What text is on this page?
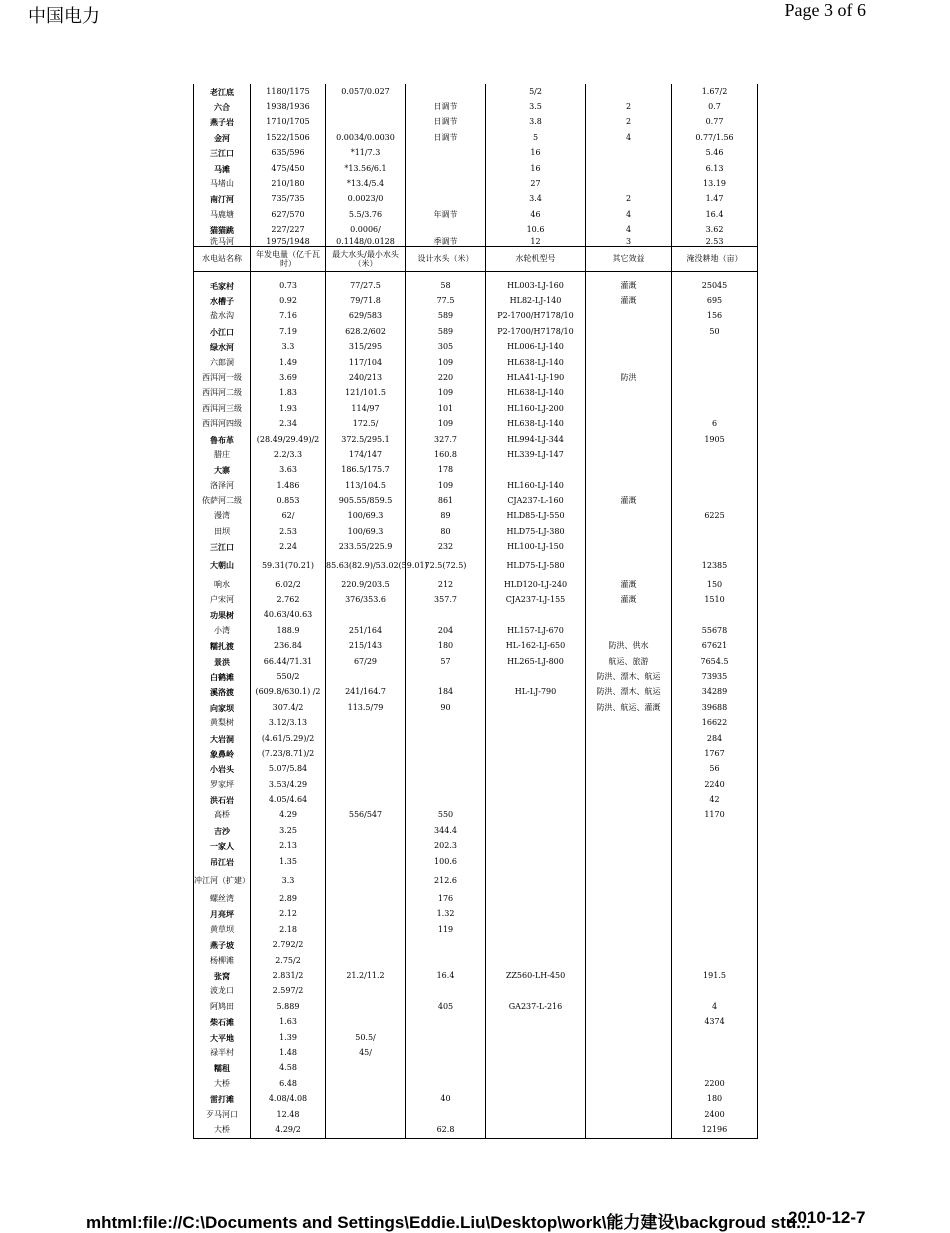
中国电力	Page 3 of 6
老江底	1180/1175	0.057/0.027		5/2		1.67/2
六合	1938/1936		日调节	3.5	2	0.7
燕子岩	1710/1705		日调节	3.8	2	0.77
金河	1522/1506	0.0034/0.0030	日调节	5	4	0.77/1.56
三江口	635/596	*11/7.3		16		5.46
马滩	475/450	*13.56/6.1		16		6.13
马堵山	210/180	*13.4/5.4		27		13.19
南汀河	735/735	0.0023/0		3.4	2	1.47
马鹿塘	627/570	5.5/3.76	年调节	46	4	16.4
猫猫跳	227/227	0.0006/		10.6	4	3.62
洗马河	1975/1948	0.1148/0.0128	季调节	12	3	2.53
水电站名称	年发电量（亿千瓦时）	最大水头/最小水头（米）	设计水头（米）	水轮机型号	其它效益	淹没耕地（亩）

毛家村	0.73	77/27.5	58	HL003-LJ-160	灌溉	25045
水槽子	0.92	79/71.8	77.5	HL82-LJ-140	灌溉	695
盐水沟	7.16	629/583	589	P2-1700/H7178/10		156
小江口	7.19	628.2/602	589	P2-1700/H7178/10		50
绿水河	3.3	315/295	305	HL006-LJ-140		
六郎洞	1.49	117/104	109	HL638-LJ-140		
西洱河一级	3.69	240/213	220	HLA41-LJ-190	防洪	
西洱河二级	1.83	121/101.5	109	HL638-LJ-140		
西洱河三级	1.93	114/97	101	HL160-LJ-200		
西洱河四级	2.34	172.5/	109	HL638-LJ-140		6
鲁布革	(28.49/29.49)/2	372.5/295.1	327.7	HL994-LJ-344		1905
腊庄	2.2/3.3	174/147	160.8	HL339-LJ-147		
大寨	3.63	186.5/175.7	178			
洛泽河	1.486	113/104.5	109	HL160-LJ-140		
依萨河二级	0.853	905.55/859.5	861	CJA237-L-160	灌溉	
漫湾	62/	100/69.3	89	HLD85-LJ-550		6225
田坝	2.53	100/69.3	80	HLD75-LJ-380		
三江口	2.24	233.55/225.9	232	HL100-LJ-150		
大朝山	59.31(70.21)	85.63(82.9)/53.02(59.01)	72.5(72.5)	HLD75-LJ-580		12385
响水	6.02/2	220.9/203.5	212	HLD120-LJ-240	灌溉	150
户宋河	2.762	376/353.6	357.7	CJA237-LJ-155	灌溉	1510
功果树	40.63/40.63					
小湾	188.9	251/164	204	HL157-LJ-670		55678
糯扎渡	236.84	215/143	180	HL-162-LJ-650	防洪、供水	67621
景洪	66.44/71.31	67/29	57	HL265-LJ-800	航运、旅游	7654.5
白鹤滩	550/2				防洪、漂木、航运	73935
溪洛渡	(609.8/630.1) /2	241/164.7	184	HL-LJ-790	防洪、漂木、航运	34289
向家坝	307.4/2	113.5/79	90		防洪、航运、灌溉	39688
黄梨树	3.12/3.13					16622
大岩洞	(4.61/5.29)/2					284
象鼻岭	(7.23/8.71)/2					1767
小岩头	5.07/5.84					56
罗家坪	3.53/4.29					2240
洪石岩	4.05/4.64					42
高桥	4.29	556/547	550			1170
吉沙	3.25		344.4			
一家人	2.13		202.3			
吊江岩	1.35		100.6			
冲江河（扩建）	3.3		212.6			
螺丝湾	2.89		176			
月亮坪	2.12		1.32			
黄草坝	2.18		119			
燕子坡	2.792/2					
杨柳滩	2.75/2					
张窝	2.831/2	21.2/11.2	16.4	ZZ560-LH-450		191.5
波龙口	2.597/2					
阿鸠田	5.889		405	GA237-L-216		4
柴石滩	1.63					4374
大平地	1.39	50.5/				
禄半村	1.48	45/				
糯租	4.58					
大桥	6.48					2200
雷打滩	4.08/4.08		40			180
歹马河口	12.48					2400
大桥	4.29/2		62.8			12196
mhtml:file://C:\Documents and Settings\Eddie.Liu\Desktop\work\能力建设\backgroud stu...
2010-12-7
